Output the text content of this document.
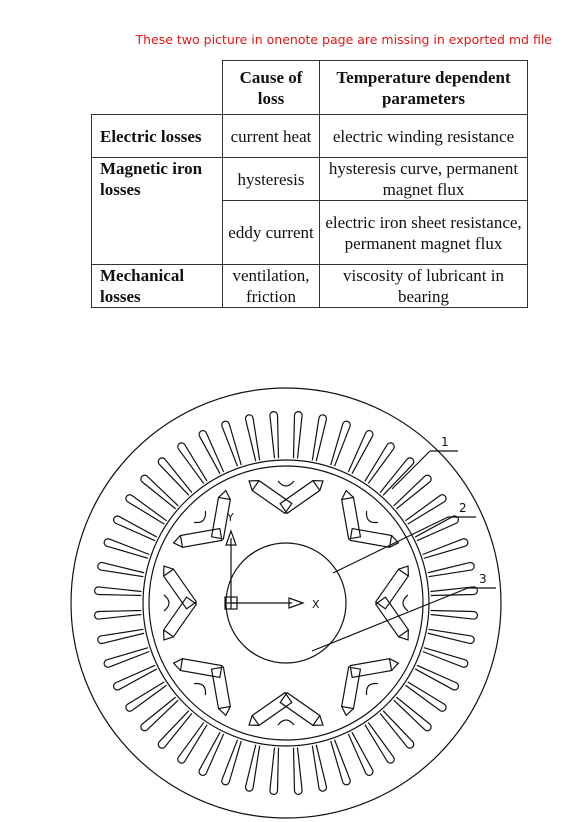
These two picture in onenote page are missing in exported md file
	Cause of loss	Temperature dependent parameters
Electric losses	current heat	electric winding resistance
Magnetic iron losses	hysteresis	hysteresis curve, permanent magnet flux
	eddy current	electric iron sheet resistance, permanent magnet flux
Mechanical losses	ventilation, friction	viscosity of lubricant in bearing
1
2
3
Y
X
